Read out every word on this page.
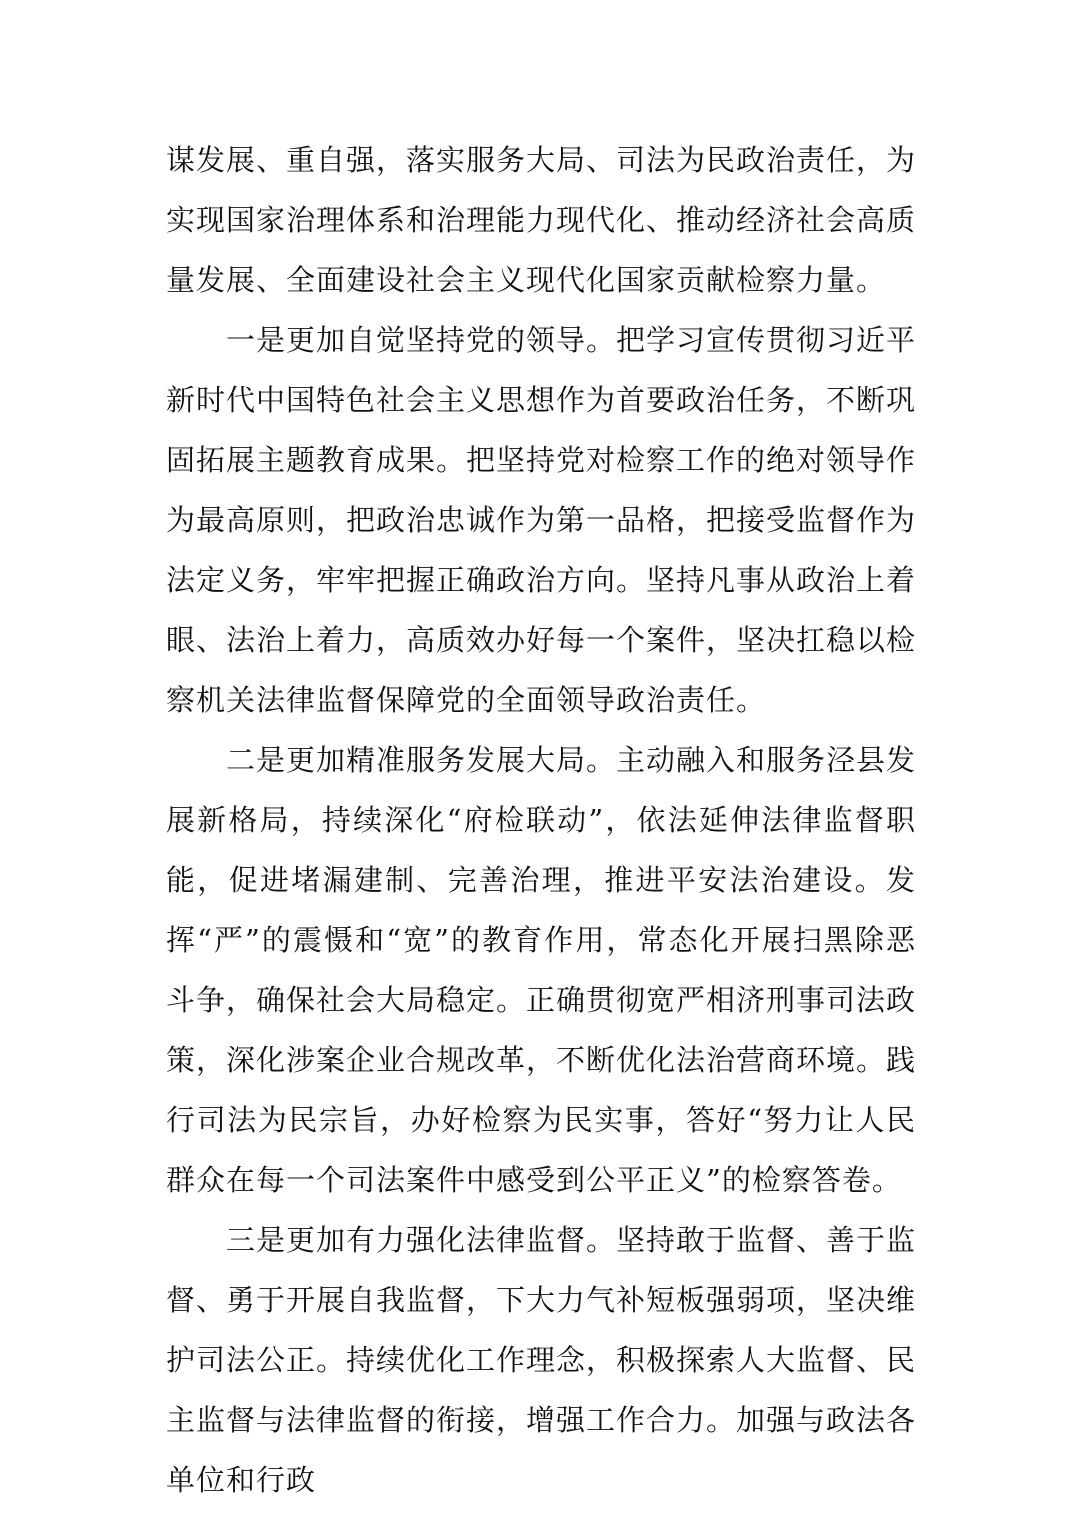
谋发展、重自强，落实服务大局、司法为民政治责任，为实现国家治理体系和治理能力现代化、推动经济社会高质量发展、全面建设社会主义现代化国家贡献检察力量。

一是更加自觉坚持党的领导。把学习宣传贯彻习近平新时代中国特色社会主义思想作为首要政治任务，不断巩固拓展主题教育成果。把坚持党对检察工作的绝对领导作为最高原则，把政治忠诚作为第一品格，把接受监督作为法定义务，牢牢把握正确政治方向。坚持凡事从政治上着眼、法治上着力，高质效办好每一个案件，坚决扛稳以检察机关法律监督保障党的全面领导政治责任。

二是更加精准服务发展大局。主动融入和服务泾县发展新格局，持续深化“府检联动”，依法延伸法律监督职能，促进堵漏建制、完善治理，推进平安法治建设。发挥“严”的震慑和“宽”的教育作用，常态化开展扫黑除恶斗争，确保社会大局稳定。正确贯彻宽严相济刑事司法政策，深化涉案企业合规改革，不断优化法治营商环境。践行司法为民宗旨，办好检察为民实事，答好“努力让人民群众在每一个司法案件中感受到公平正义”的检察答卷。

三是更加有力强化法律监督。坚持敢于监督、善于监督、勇于开展自我监督，下大力气补短板强弱项，坚决维护司法公正。持续优化工作理念，积极探索人大监督、民主监督与法律监督的衔接，增强工作合力。加强与政法各单位和行政
